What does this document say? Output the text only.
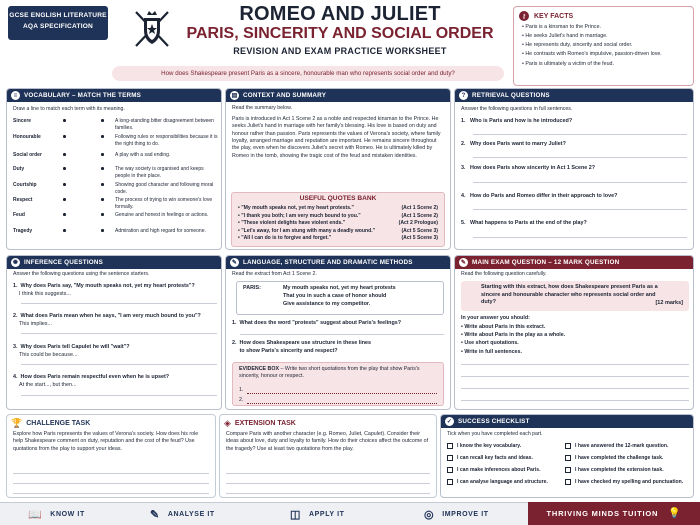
GCSE ENGLISH LITERATURE
AQA SPECIFICATION
ROMEO AND JULIET
PARIS, SINCERITY AND SOCIAL ORDER
REVISION AND EXAM PRACTICE WORKSHEET
How does Shakespeare present Paris as a sincere, honourable man who represents social order and duty?
⚷	KEY FACTS
• Paris is a kinsman to the Prince.
• He seeks Juliet's hand in marriage.
• He represents duty, sincerity and social order.
• He contrasts with Romeo's impulsive, passion-driven love.
• Paris is ultimately a victim of the feud.
≡	VOCABULARY – MATCH THE TERMS
Draw a line to match each term with its meaning.
Sincere	A long-standing bitter disagreement between families.
Honourable	Following rules or responsibilities because it is the right thing to do.
Social order	A play with a sad ending.
Duty	The way society is organised and keeps people in their place.
Courtship	Showing good character and following moral code.
Respect	The process of trying to win someone's love formally.
Feud	Genuine and honest in feelings or actions.
Tragedy	Admiration and high regard for someone.
▤ CONTEXT AND SUMMARY
Read the summary below.
Paris is introduced in Act 1 Scene 2 as a noble and respected kinsman to the Prince. He seeks Juliet's hand in marriage with her family's blessing. His love is based on duty and honour rather than passion. Paris represents the values of Verona's society, where family loyalty, arranged marriage and reputation are important. He remains sincere throughout the play, even when he discovers Juliet's secret with Romeo. He is ultimately killed by Romeo in the tomb, showing the tragic cost of the feud and mistaken identities.
USEFUL QUOTES BANK
• "My mouth speaks not, yet my heart protests."	(Act 1 Scene 2)
• "I thank you both; I am very much bound to you."	(Act 1 Scene 2)
• "These violent delights have violent ends."	(Act 2 Prologue)
• "Let's away, for I am stung with many a deadly wound."	(Act 5 Scene 3)
• "All I can do is to forgive and forget."	(Act 5 Scene 3)
?	RETRIEVAL QUESTIONS
Answer the following questions in full sentences.
1.   Who is Paris and how is he introduced?
2.   Why does Paris want to marry Juliet?
3.   How does Paris show sincerity in Act 1 Scene 2?
4.   How do Paris and Romeo differ in their approach to love?
5.   What happens to Paris at the end of the play?
✺ INFERENCE QUESTIONS
Answer the following questions using the sentence starters.
1.  Why does Paris say, "My mouth speaks not, yet my heart protests"?
I think this suggests...
2.  What does Paris mean when he says, "I am very much bound to you"?
This implies...
3.  Why does Paris tell Capulet he will "wait"?
This could be because...
4.  How does Paris remain respectful even when he is upset?
At the start..., but then...
✎ LANGUAGE, STRUCTURE AND DRAMATIC METHODS
Read the extract from Act 1 Scene 2.
PARIS:	My mouth speaks not, yet my heart protests
That you in such a case of honor should
Give assistance to my competitor.
1.  What does the word "protests" suggest about Paris's feelings?
2.  How does Shakespeare use structure in these lines
to show Paris's sincerity and respect?
EVIDENCE BOX – Write two short quotations from the play that show Paris's sincerity, honour or respect.
1.
2.
✎ MAIN EXAM QUESTION – 12 MARK QUESTION
Read the following question carefully.
Starting with this extract, how does Shakespeare present Paris as a sincere and honourable character who represents social order and duty?	[12 marks]
In your answer you should:
• Write about Paris in this extract.
• Write about Paris in the play as a whole.
• Use short quotations.
• Write in full sentences.
🏆 CHALLENGE TASK
Explore how Paris represents the values of Verona's society. How does his role help Shakespeare comment on duty, reputation and the cost of the feud? Use quotations from the play to support your ideas.
◈ EXTENSION TASK
Compare Paris with another character (e.g. Romeo, Juliet, Capulet). Consider their ideas about love, duty and loyalty to family. How do their choices affect the outcome of the tragedy? Use at least two quotations from the play.
✓ SUCCESS CHECKLIST
Tick when you have completed each part.
I know the key vocabulary.
I can recall key facts and ideas.
I can make inferences about Paris.
I can analyse language and structure.
I have answered the 12-mark question.
I have completed the challenge task.
I have completed the extension task.
I have checked my spelling and punctuation.
📖 KNOW IT	✎ ANALYSE IT	◫ APPLY IT	◎ IMPROVE IT	THRIVING MINDS TUITION 💡
